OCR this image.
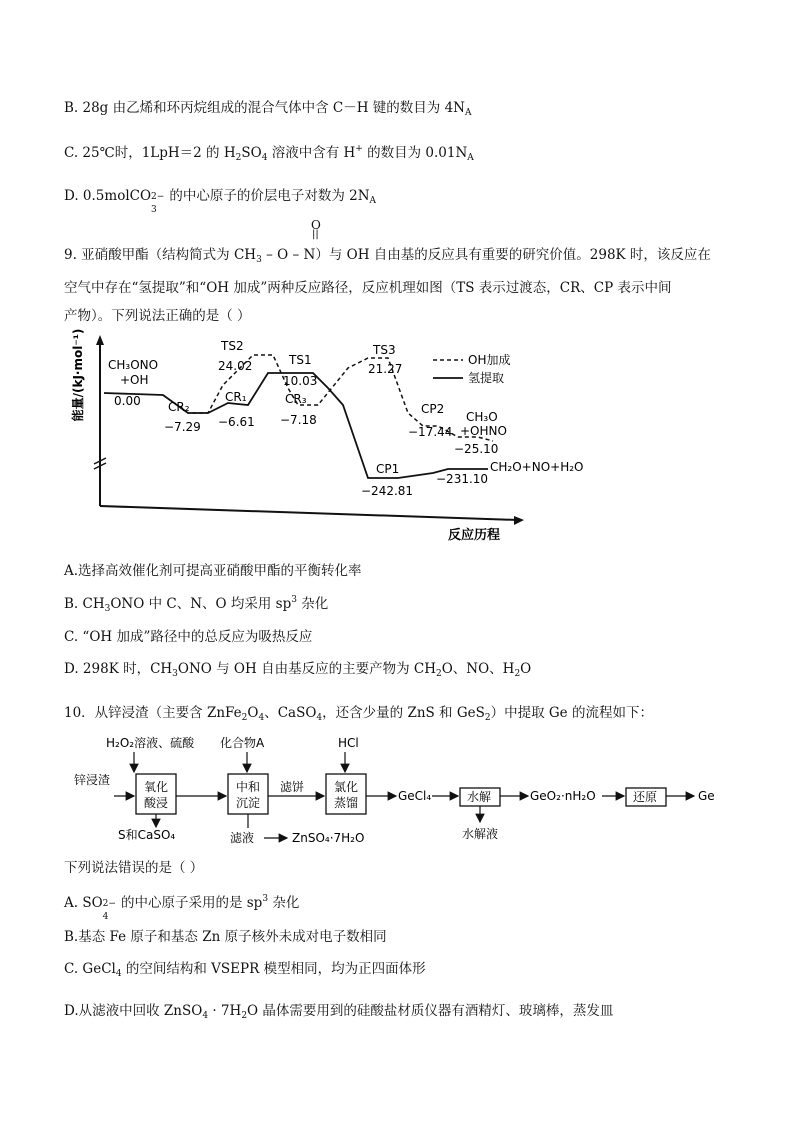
B. 28g 由乙烯和环丙烷组成的混合气体中含 C－H 键的数目为 $4N_A$
C. 25℃时，1LpH＝2 的 $H_2SO_4$ 溶液中含有 H+ 的数目为 $0.01N_A$
D. 0.5molCO 2−
3
的中心原子的价层电子对数为 $2N_A$
O
||
9. 亚硝酸甲酯（结构简式为 $CH_3$ – O – N）与 OH 自由基的反应具有重要的研究价值。298K 时，该反应在
空气中存在“氢提取”和“OH 加成”两种反应路径，反应机理如图（TS 表示过渡态，CR、CP 表示中间
产物）。下列说法正确的是（ ）
能量/(kJ·mol⁻¹)
反应历程
OH加成
氢提取
CH₃ONO
+OH
0.00 CR₂
−7.29
CR₁
−6.61
TS2
24.02	TS1
10.03
CR₃
−7.18
TS3
21.27
CP2
−17.44
CH₃O
+OHNO
−25.10
CP1
−242.81
−231.10
CH₂O+NO+H₂O
A.选择高效催化剂可提高亚硝酸甲酯的平衡转化率
B. $CH_3ONO$ 中 C、N、O 均采用 $sp^3$ 杂化
C. “OH 加成”路径中的总反应为吸热反应
D. 298K 时，$CH_3ONO$ 与 OH 自由基反应的主要产物为 $CH_2O$、NO、$H_2O$
10．从锌浸渣（主要含 $ZnFe_2O_4$、CaSO$_4$，还含少量的 ZnS 和 GeS$_2$）中提取 Ge 的流程如下：
H₂O₂溶液、硫酸 化合物A	HCl
锌浸渣	氧化
酸浸
S和CaSO₄
中和
沉淀
滤饼
滤液	ZnSO₄·7H₂O
氯化
蒸馏	GeCl₄	水解
水解液
GeO₂·nH₂O	还原	Ge
下列说法错误的是（ ）
A. SO 2−
4
的中心原子采用的是 $sp^3$ 杂化
B.基态 Fe 原子和基态 Zn 原子核外未成对电子数相同
C. GeCl$_4$ 的空间结构和 VSEPR 模型相同，均为正四面体形
D.从滤液中回收 ZnSO$_4$ · $7H_2O$ 晶体需要用到的硅酸盐材质仪器有酒精灯、玻璃棒，蒸发皿
